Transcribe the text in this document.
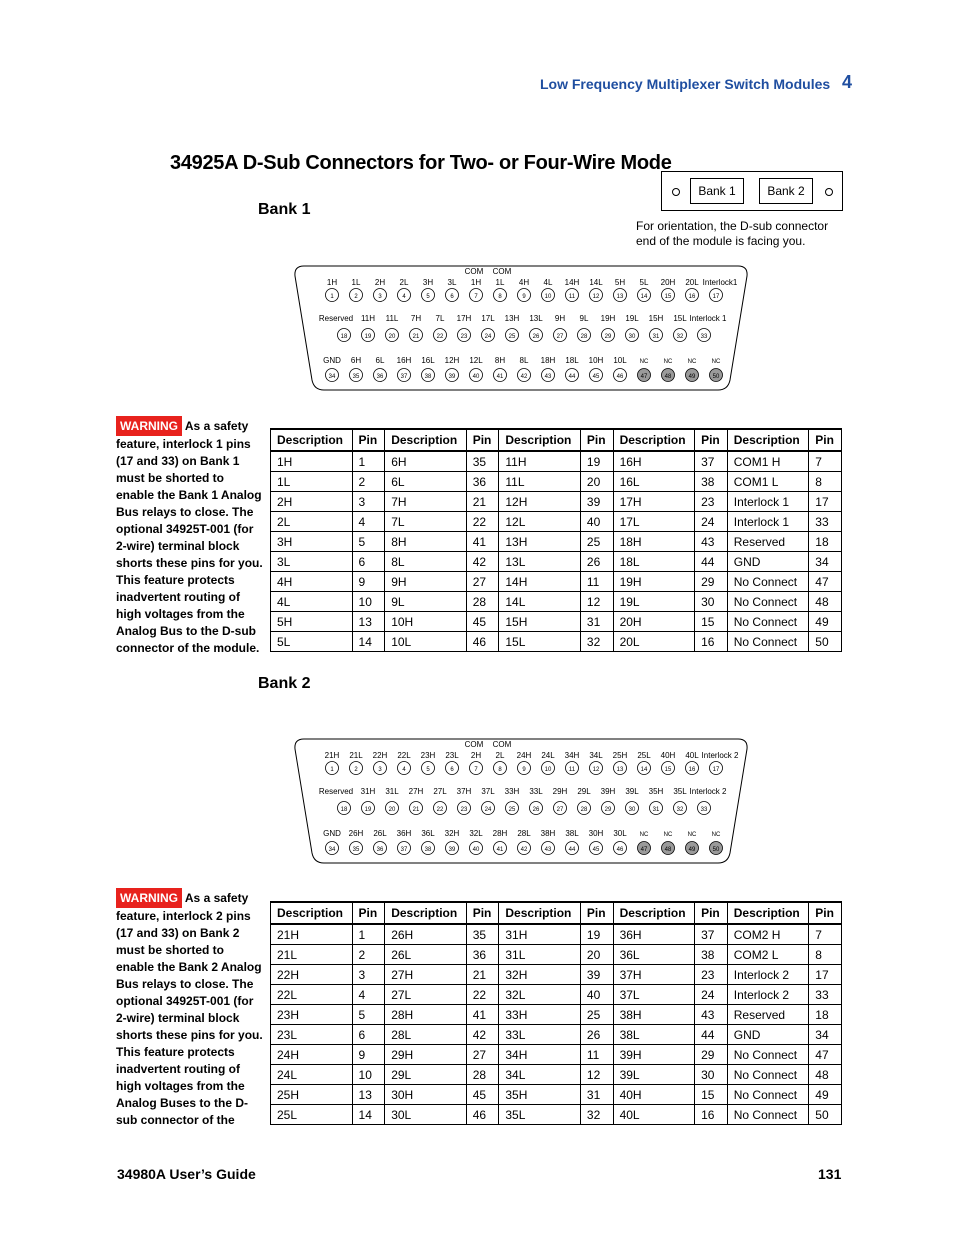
Low Frequency Multiplexer Switch Modules 4
34925A D-Sub Connectors for Two- or Four-Wire Mode
Bank 1	Bank 2
For orientation, the D-sub connector end of the module is facing you.
Bank 1
COM COM
1H
1
1L
2
2H
3
2L
4
3H
5
3L
6
1H
7
1L
8
4H
9
4L
10
14H
11
14L
12
5H
13
5L
14
20H
15
20L
16
Interlock1
17
Reserved
18
11H
19
11L
20
7H
21
7L
22
17H
23
17L
24
13H
25
13L
26
9H
27
9L
28
19H
29
19L
30
15H
31
15L
32
Interlock 1
33
GND
34
6H
35
6L
36
16H
37
16L
38
12H
39
12L
40
8H
41
8L
42
18H
43
18L
44
10H
45
10L
46
NC
47
NC
48
NC
49
NC
50
WARNING As a safety feature, interlock 1 pins (17 and 33) on Bank 1 must be shorted to enable the Bank 1 Analog Bus relays to close. The optional 34925T-001 (for 2-wire) terminal block shorts these pins for you. This feature protects inadvertent routing of high voltages from the Analog Bus to the D-sub connector of the module.
Description	Pin	Description	Pin	Description	Pin	Description	Pin	Description	Pin
1H	1	6H	35	11H	19	16H	37	COM1 H	7
1L	2	6L	36	11L	20	16L	38	COM1 L	8
2H	3	7H	21	12H	39	17H	23	Interlock 1	17
2L	4	7L	22	12L	40	17L	24	Interlock 1	33
3H	5	8H	41	13H	25	18H	43	Reserved	18
3L	6	8L	42	13L	26	18L	44	GND	34
4H	9	9H	27	14H	11	19H	29	No Connect	47
4L	10	9L	28	14L	12	19L	30	No Connect	48
5H	13	10H	45	15H	31	20H	15	No Connect	49
5L	14	10L	46	15L	32	20L	16	No Connect	50
Bank 2
COM COM
21H
1
21L
2
22H
3
22L
4
23H
5
23L
6
2H
7
2L
8
24H
9
24L
10
34H
11
34L
12
25H
13
25L
14
40H
15
40L
16
Interlock 2
17
Reserved
18
31H
19
31L
20
27H
21
27L
22
37H
23
37L
24
33H
25
33L
26
29H
27
29L
28
39H
29
39L
30
35H
31
35L
32
Interlock 2
33
GND
34
26H
35
26L
36
36H
37
36L
38
32H
39
32L
40
28H
41
28L
42
38H
43
38L
44
30H
45
30L
46
NC
47
NC
48
NC
49
NC
50
WARNING As a safety feature, interlock 2 pins (17 and 33) on Bank 2 must be shorted to enable the Bank 2 Analog Bus relays to close. The optional 34925T-001 (for 2-wire) terminal block shorts these pins for you. This feature protects inadvertent routing of high voltages from the Analog Buses to the D-sub connector of the
Description	Pin	Description	Pin	Description	Pin	Description	Pin	Description	Pin
21H	1	26H	35	31H	19	36H	37	COM2 H	7
21L	2	26L	36	31L	20	36L	38	COM2 L	8
22H	3	27H	21	32H	39	37H	23	Interlock 2	17
22L	4	27L	22	32L	40	37L	24	Interlock 2	33
23H	5	28H	41	33H	25	38H	43	Reserved	18
23L	6	28L	42	33L	26	38L	44	GND	34
24H	9	29H	27	34H	11	39H	29	No Connect	47
24L	10	29L	28	34L	12	39L	30	No Connect	48
25H	13	30H	45	35H	31	40H	15	No Connect	49
25L	14	30L	46	35L	32	40L	16	No Connect	50
34980A User’s Guide	131
